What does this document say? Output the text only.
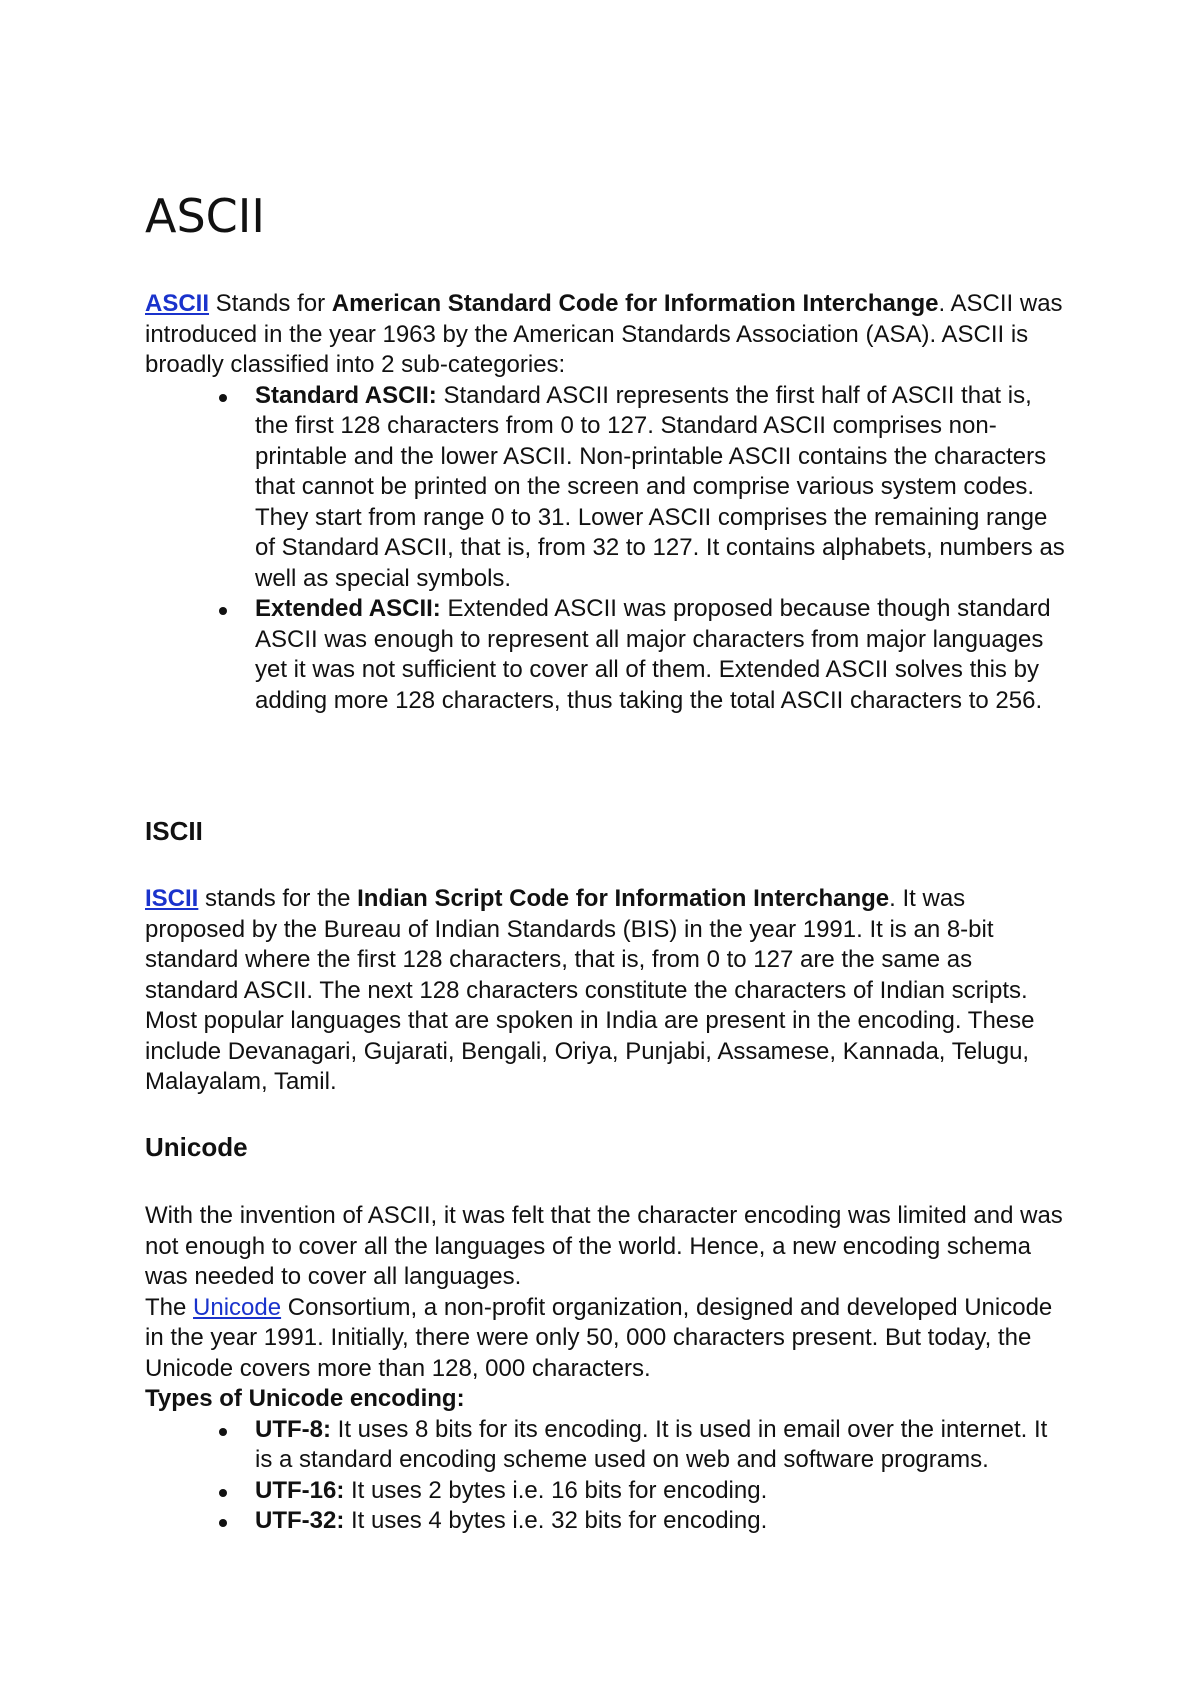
ASCII

ASCII Stands for American Standard Code for Information Interchange. ASCII was introduced in the year 1963 by the American Standards Association (ASA). ASCII is broadly classified into 2 sub-categories:

Standard ASCII: Standard ASCII represents the first half of ASCII that is, the first 128 characters from 0 to 127. Standard ASCII comprises non-printable and the lower ASCII. Non-printable ASCII contains the characters that cannot be printed on the screen and comprise various system codes. They start from range 0 to 31. Lower ASCII comprises the remaining range of Standard ASCII, that is, from 32 to 127. It contains alphabets, numbers as well as special symbols.
Extended ASCII: Extended ASCII was proposed because though standard ASCII was enough to represent all major characters from major languages yet it was not sufficient to cover all of them. Extended ASCII solves this by adding more 128 characters, thus taking the total ASCII characters to 256.
ISCII

ISCII stands for the Indian Script Code for Information Interchange. It was proposed by the Bureau of Indian Standards (BIS) in the year 1991. It is an 8-bit standard where the first 128 characters, that is, from 0 to 127 are the same as standard ASCII. The next 128 characters constitute the characters of Indian scripts. Most popular languages that are spoken in India are present in the encoding. These include Devanagari, Gujarati, Bengali, Oriya, Punjabi, Assamese, Kannada, Telugu, Malayalam, Tamil.

Unicode

With the invention of ASCII, it was felt that the character encoding was limited and was not enough to cover all the languages of the world. Hence, a new encoding schema was needed to cover all languages.

The Unicode Consortium, a non-profit organization, designed and developed Unicode in the year 1991. Initially, there were only 50, 000 characters present. But today, the Unicode covers more than 128, 000 characters.

Types of Unicode encoding:

UTF-8: It uses 8 bits for its encoding. It is used in email over the internet. It is a standard encoding scheme used on web and software programs.
UTF-16: It uses 2 bytes i.e. 16 bits for encoding.
UTF-32: It uses 4 bytes i.e. 32 bits for encoding.
